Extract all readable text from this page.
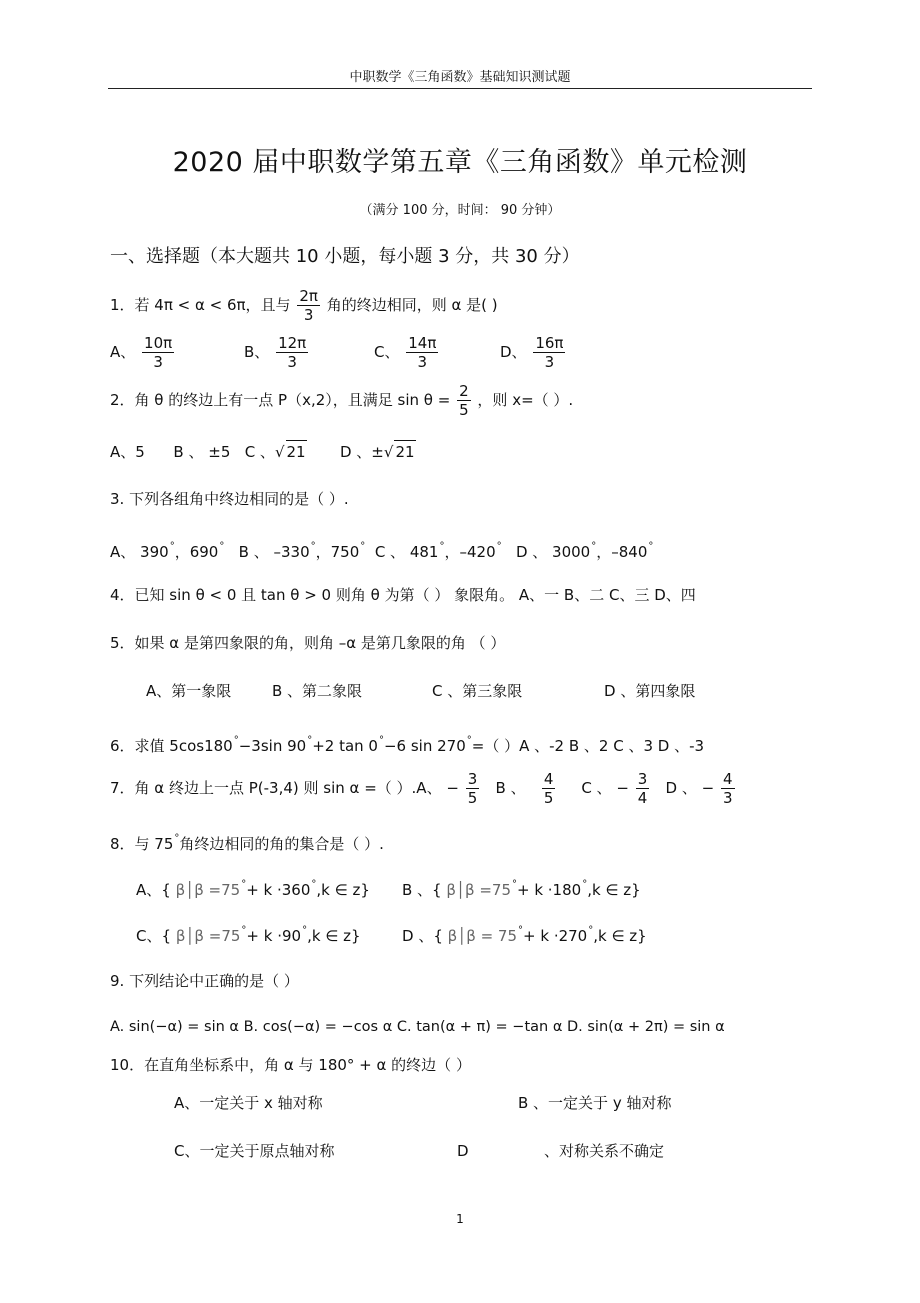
中职数学《三角函数》基础知识测试题
2020 届中职数学第五章《三角函数》单元检测
（满分 100 分，时间： 90 分钟）
一、选择题（本大题共 10 小题，每小题 3 分，共 30 分）
1．若 4π < α < 6π，且与 $\frac{2\pi}{3}$ 角的终边相同，则 α 是( )
A、 $\frac{10\pi}{3}$	B、 $\frac{12\pi}{3}$	C、 $\frac{14\pi}{3}$	D、 $\frac{16\pi}{3}$
2．角 θ 的终边上有一点 P（x,2），且满足 $\sin \theta = \frac{2}{5}$ ，则 x=（ ）.
A、5 B 、 ±5 C 、√ 21 D 、±√ 21
3. 下列各组角中终边相同的是（ ）.
A、 390°，690° B 、 –330°，750° C 、 481°，–420° D 、 3000°，–840°
4．已知 sin θ < 0 且 tan θ > 0 则角 θ 为第（ ） 象限角。 A、一 B、二 C、三 D、四
5．如果 α 是第四象限的角，则角 –α 是第几象限的角 （ ）
A、第一象限	B 、第二象限	C 、第三象限	D 、第四象限
6．求值 5cos180°−3sin 90°+2 tan 0°−6 sin 270°=（ ）A 、-2 B 、2 C 、3 D 、-3
7．角 α 终边上一点 P(-3,4) 则 sin α =（ ）.A、 − $\frac{3}{5}$ B 、 $\frac{4}{5}$ C 、 − $\frac{3}{4}$ D 、 − $\frac{4}{3}$
8．与 75°角终边相同的角的集合是（ ）.
A、{ β│β =75°+ k ·360°,k ∈ z} B 、{ β│β =75°+ k ·180°,k ∈ z}
C、{ β│β =75°+ k ·90°,k ∈ z}	D 、{ β│β = 75°+ k ·270°,k ∈ z}
9. 下列结论中正确的是（ ）
A. sin(−α) = sin α B. cos(−α) = −cos α C. tan(α + π) = −tan α D. sin(α + 2π) = sin α
10．在直角坐标系中，角 α 与 180° + α 的终边（ ）
A、一定关于 x 轴对称	B 、一定关于 y 轴对称
C、一定关于原点轴对称	D	、对称关系不确定
1
